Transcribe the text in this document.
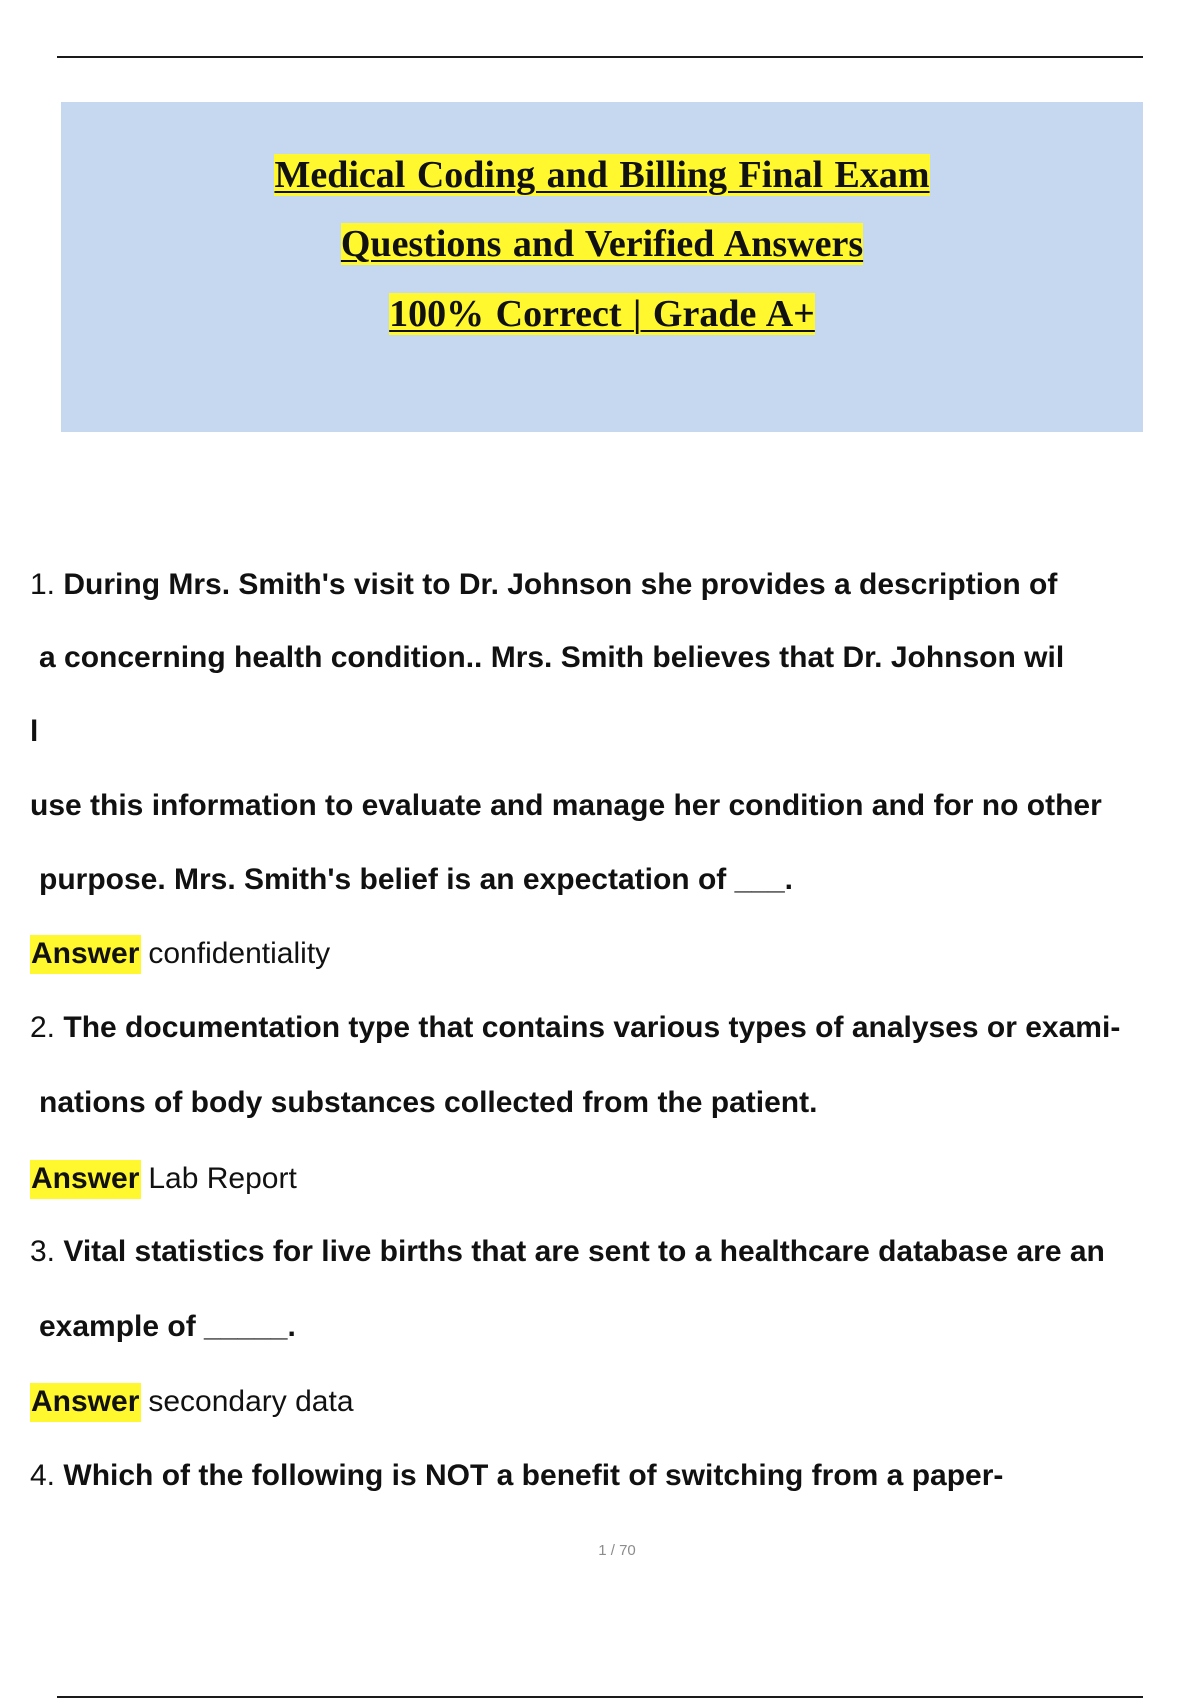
Medical Coding and Billing Final Exam
Questions and Verified Answers
100% Correct | Grade A+
1. During Mrs. Smith's visit to Dr. Johnson she provides a description of
a concerning health condition.. Mrs. Smith believes that Dr. Johnson wil
l
use this information to evaluate and manage her condition and for no other
purpose. Mrs. Smith's belief is an expectation of ___.
Answer confidentiality
2. The documentation type that contains various types of analyses or exami-
nations of body substances collected from the patient.
Answer Lab Report
3. Vital statistics for live births that are sent to a healthcare database are an
example of _____.
Answer secondary data
4. Which of the following is NOT a benefit of switching from a paper-
1 / 70
